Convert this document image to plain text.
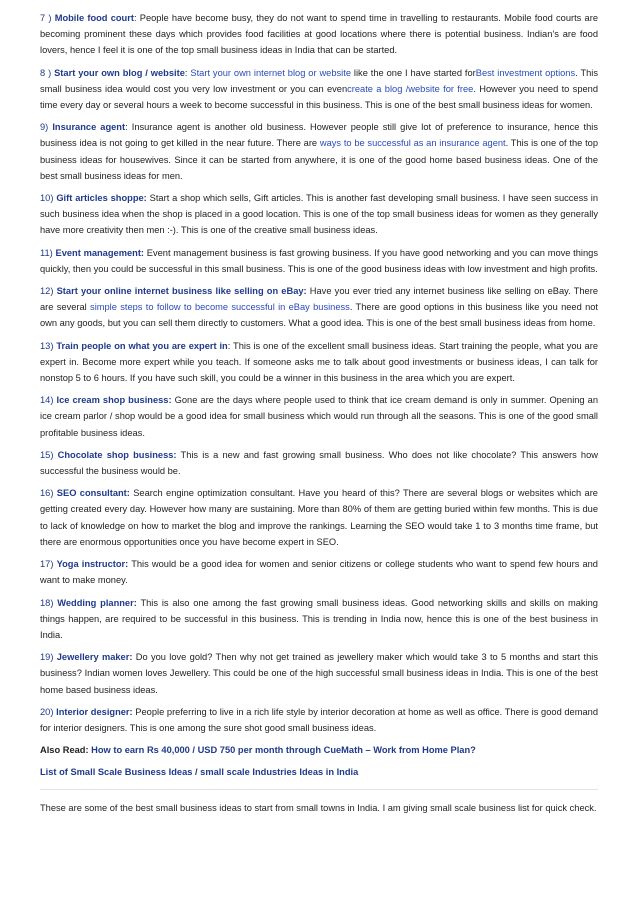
7 ) Mobile food court: People have become busy, they do not want to spend time in travelling to restaurants. Mobile food courts are becoming prominent these days which provides food facilities at good locations where there is potential business. Indian’s are food lovers, hence I feel it is one of the top small business ideas in India that can be started.

8 ) Start your own blog / website: Start your own internet blog or website like the one I have started forBest investment options. This small business idea would cost you very low investment or you can evencreate a blog /website for free. However you need to spend time every day or several hours a week to become successful in this business. This is one of the best small business ideas for women.

9) Insurance agent: Insurance agent is another old business. However people still give lot of preference to insurance, hence this business idea is not going to get killed in the near future. There are ways to be successful as an insurance agent. This is one of the top business ideas for housewives. Since it can be started from anywhere, it is one of the good home based business ideas. One of the best small business ideas for men.

10) Gift articles shoppe: Start a shop which sells, Gift articles. This is another fast developing small business. I have seen success in such business idea when the shop is placed in a good location. This is one of the top small business ideas for women as they generally have more creativity then men :-). This is one of the creative small business ideas.

11) Event management: Event management business is fast growing business. If you have good networking and you can move things quickly, then you could be successful in this small business. This is one of the good business ideas with low investment and high profits.

12) Start your online internet business like selling on eBay: Have you ever tried any internet business like selling on eBay. There are several simple steps to follow to become successful in eBay business. There are good options in this business like you need not own any goods, but you can sell them directly to customers. What a good idea. This is one of the best small business ideas from home.

13) Train people on what you are expert in: This is one of the excellent small business ideas. Start training the people, what you are expert in. Become more expert while you teach. If someone asks me to talk about good investments or business ideas, I can talk for nonstop 5 to 6 hours. If you have such skill, you could be a winner in this business in the area which you are expert.

14) Ice cream shop business: Gone are the days where people used to think that ice cream demand is only in summer. Opening an ice cream parlor / shop would be a good idea for small business which would run through all the seasons. This is one of the good small profitable business ideas.

15) Chocolate shop business: This is a new and fast growing small business. Who does not like chocolate? This answers how successful the business would be.

16) SEO consultant: Search engine optimization consultant. Have you heard of this? There are several blogs or websites which are getting created every day. However how many are sustaining. More than 80% of them are getting buried within few months. This is due to lack of knowledge on how to market the blog and improve the rankings. Learning the SEO would take 1 to 3 months time frame, but there are enormous opportunities once you have become expert in SEO.

17) Yoga instructor: This would be a good idea for women and senior citizens or college students who want to spend few hours and want to make money.

18) Wedding planner: This is also one among the fast growing small business ideas. Good networking skills and skills on making things happen, are required to be successful in this business. This is trending in India now, hence this is one of the best business in India.

19) Jewellery maker: Do you love gold? Then why not get trained as jewellery maker which would take 3 to 5 months and start this business? Indian women loves Jewellery. This could be one of the high successful small business ideas in India. This is one of the best home based business ideas.

20) Interior designer: People preferring to live in a rich life style by interior decoration at home as well as office. There is good demand for interior designers. This is one among the sure shot good small business ideas.

Also Read: How to earn Rs 40,000 / USD 750 per month through CueMath – Work from Home Plan?

List of Small Scale Business Ideas / small scale Industries Ideas in India

These are some of the best small business ideas to start from small towns in India. I am giving small scale business list for quick check.
